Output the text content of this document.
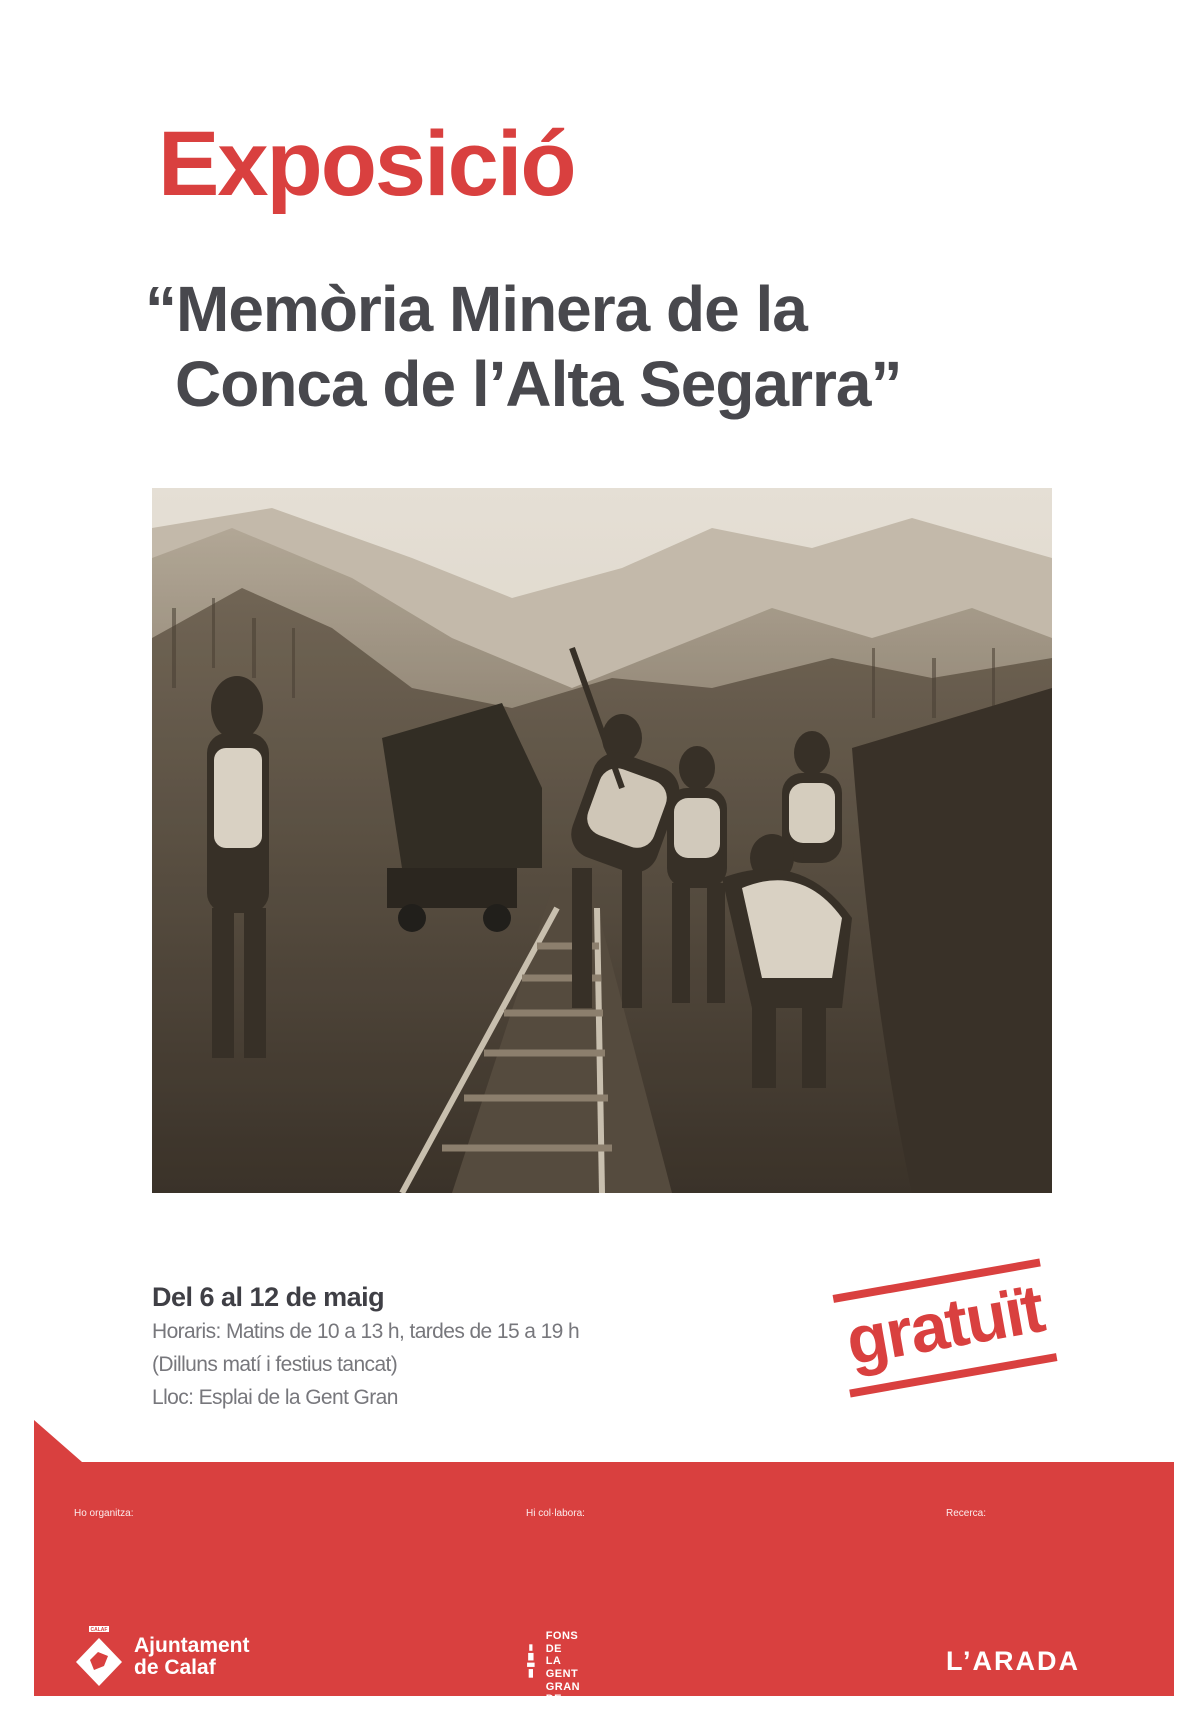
Exposició
“Memòria Minera de la
Conca de l’Alta Segarra”

Del 6 al 12 de maig

Horaris: Matins de 10 a 13 h, tardes de 15 a 19 h

(Dilluns matí i festius tancat)

Lloc: Esplai de la Gent Gran

gratuït

Ho organitza:

CALAF
Ajuntament
de Calaf

Hi col·labora:

FONS DE
LA GENT GRAN
DE CALAF

Recerca:

L’ARADA
